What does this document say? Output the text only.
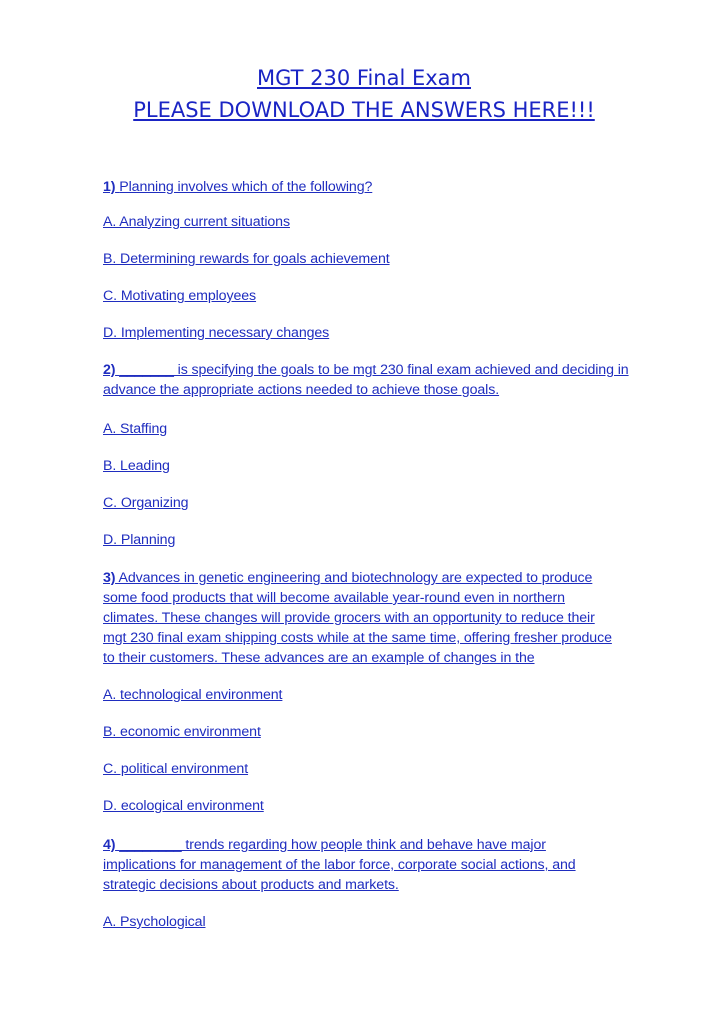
MGT 230 Final Exam
PLEASE DOWNLOAD THE ANSWERS HERE!!!
1) Planning involves which of the following?
A. Analyzing current situations
B. Determining rewards for goals achievement
C. Motivating employees
D. Implementing necessary changes
2) _______ is specifying the goals to be mgt 230 final exam achieved and deciding in
advance the appropriate actions needed to achieve those goals.
A. Staffing
B. Leading
C. Organizing
D. Planning
3) Advances in genetic engineering and biotechnology are expected to produce
some food products that will become available year-round even in northern
climates. These changes will provide grocers with an opportunity to reduce their
mgt 230 final exam shipping costs while at the same time, offering fresher produce
to their customers. These advances are an example of changes in the
A. technological environment
B. economic environment
C. political environment
D. ecological environment
4) ________ trends regarding how people think and behave have major
implications for management of the labor force, corporate social actions, and
strategic decisions about products and markets.
A. Psychological
